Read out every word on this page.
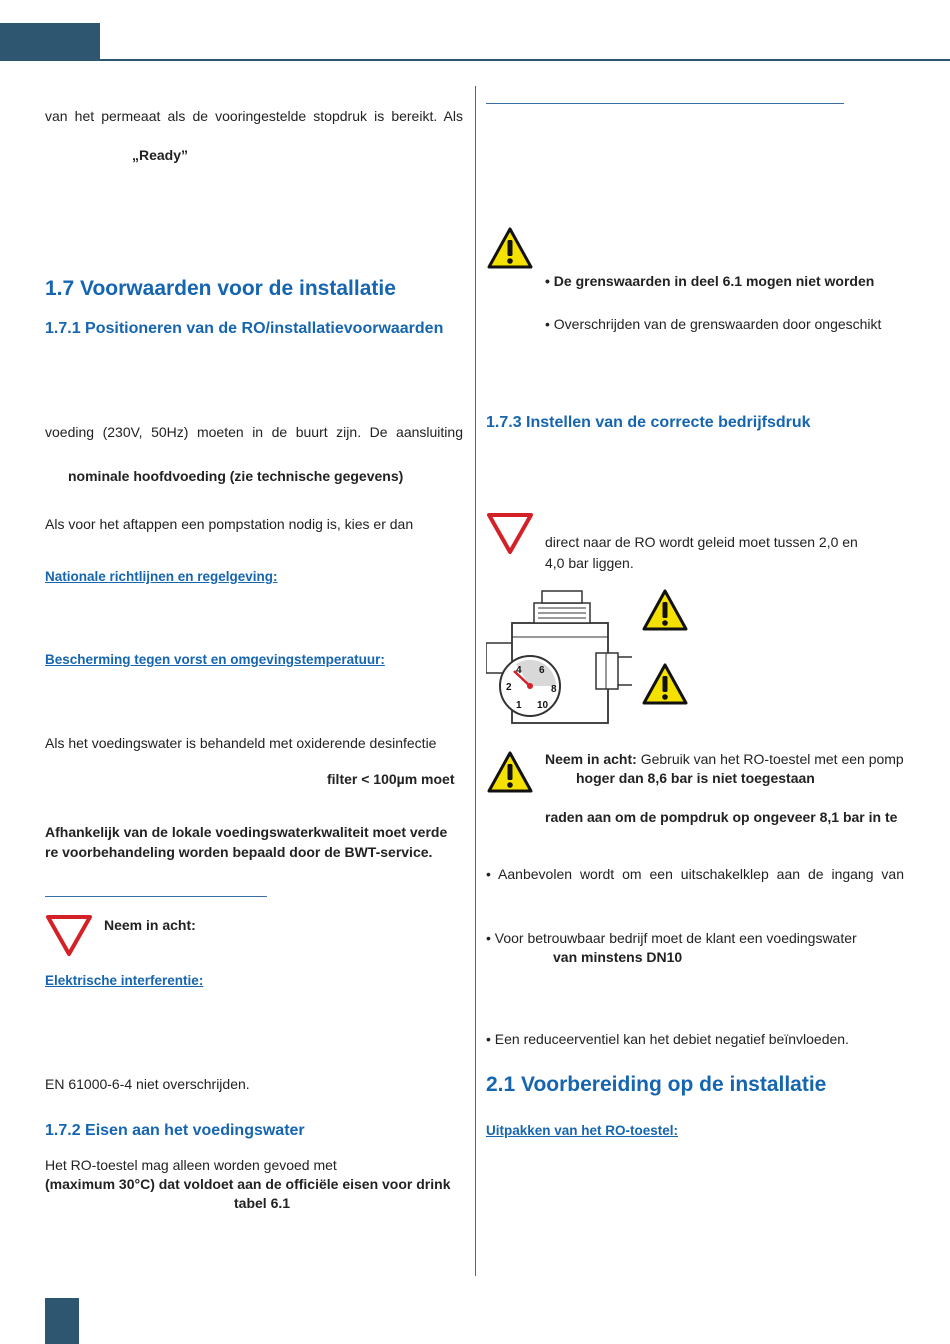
van het permeaat als de vooringestelde stopdruk is bereikt. Als
„Ready”
1.7 Voorwaarden voor de installatie
1.7.1 Positioneren van de RO/installatievoorwaarden
voeding (230V, 50Hz) moeten in de buurt zijn. De aansluiting
nominale hoofdvoeding (zie technische gegevens)
Als voor het aftappen een pompstation nodig is, kies er dan
Nationale richtlijnen en regelgeving:
Bescherming tegen vorst en omgevingstemperatuur:
Als het voedingswater is behandeld met oxiderende desinfectie
filter < 100µm moet
Afhankelijk van de lokale voedingswaterkwaliteit moet verde
re voorbehandeling worden bepaald door de BWT-service.
Neem in acht:
Elektrische interferentie:
EN 61000-6-4 niet overschrijden.
1.7.2 Eisen aan het voedingswater
Het RO-toestel mag alleen worden gevoed met
(maximum 30°C) dat voldoet aan de officiële eisen voor drink
tabel 6.1
• De grenswaarden in deel 6.1 mogen niet worden
• Overschrijden van de grenswaarden door ongeschikt
1.7.3 Instellen van de correcte bedrijfsdruk
direct naar de RO wordt geleid moet tussen 2,0 en
4,0 bar liggen.
4 6
2	8
1 10
Neem in acht: Gebruik van het RO-toestel met een pomp
hoger dan 8,6 bar is niet toegestaan
raden aan om de pompdruk op ongeveer 8,1 bar in te
• Aanbevolen wordt om een uitschakelklep aan de ingang van
• Voor betrouwbaar bedrijf moet de klant een voedingswater
van minstens DN10
• Een reduceerventiel kan het debiet negatief beïnvloeden.
2.1 Voorbereiding op de installatie
Uitpakken van het RO-toestel:
